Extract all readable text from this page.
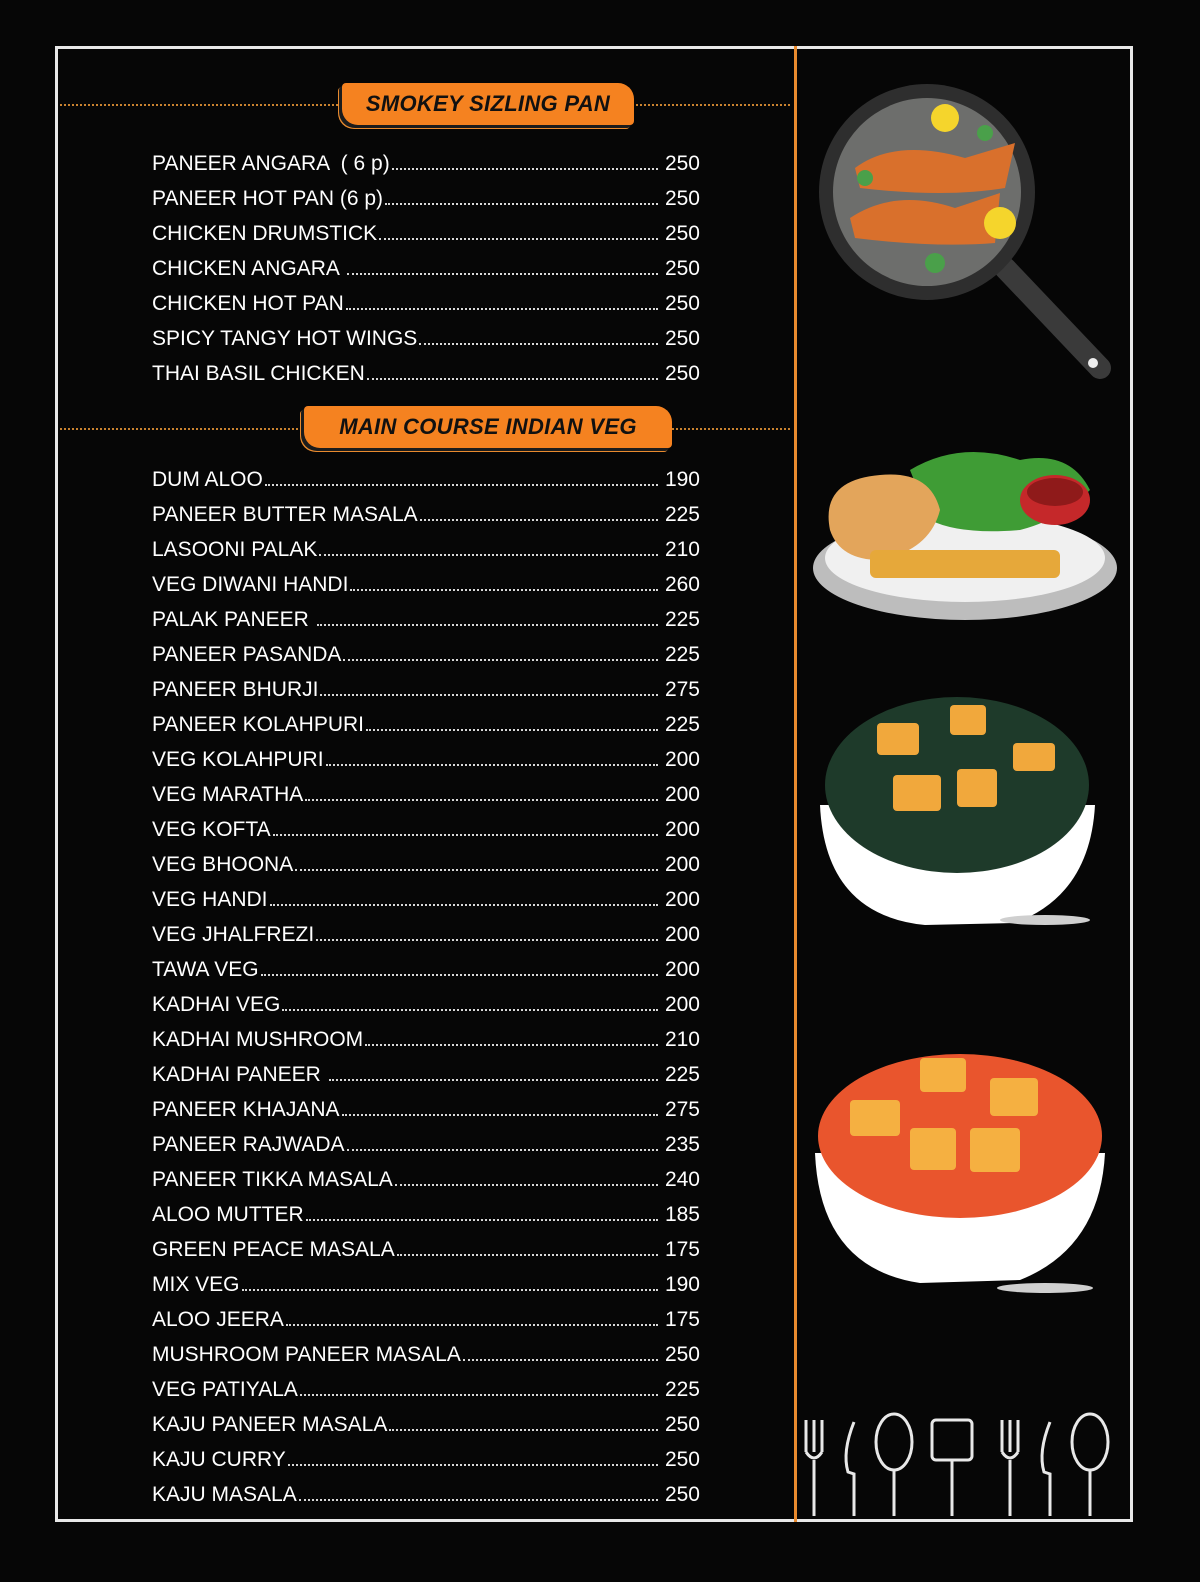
SMOKEY SIZLING PAN
PANEER ANGARA  ( 6 p)	250
PANEER HOT PAN (6 p)	250
CHICKEN DRUMSTICK	250
CHICKEN ANGARA	250
CHICKEN HOT PAN	250
SPICY TANGY HOT WINGS	250
THAI BASIL CHICKEN	250
MAIN COURSE INDIAN VEG
DUM ALOO	190
PANEER BUTTER MASALA	225
LASOONI PALAK	210
VEG DIWANI HANDI	260
PALAK PANEER	225
PANEER PASANDA	225
PANEER BHURJI	275
PANEER KOLAHPURI	225
VEG KOLAHPURI	200
VEG MARATHA	200
VEG KOFTA	200
VEG BHOONA	200
VEG HANDI	200
VEG JHALFREZI	200
TAWA VEG	200
KADHAI VEG	200
KADHAI MUSHROOM	210
KADHAI PANEER	225
PANEER KHAJANA	275
PANEER RAJWADA	235
PANEER TIKKA MASALA	240
ALOO MUTTER	185
GREEN PEACE MASALA	175
MIX VEG	190
ALOO JEERA	175
MUSHROOM PANEER MASALA	250
VEG PATIYALA	225
KAJU PANEER MASALA	250
KAJU CURRY	250
KAJU MASALA	250
